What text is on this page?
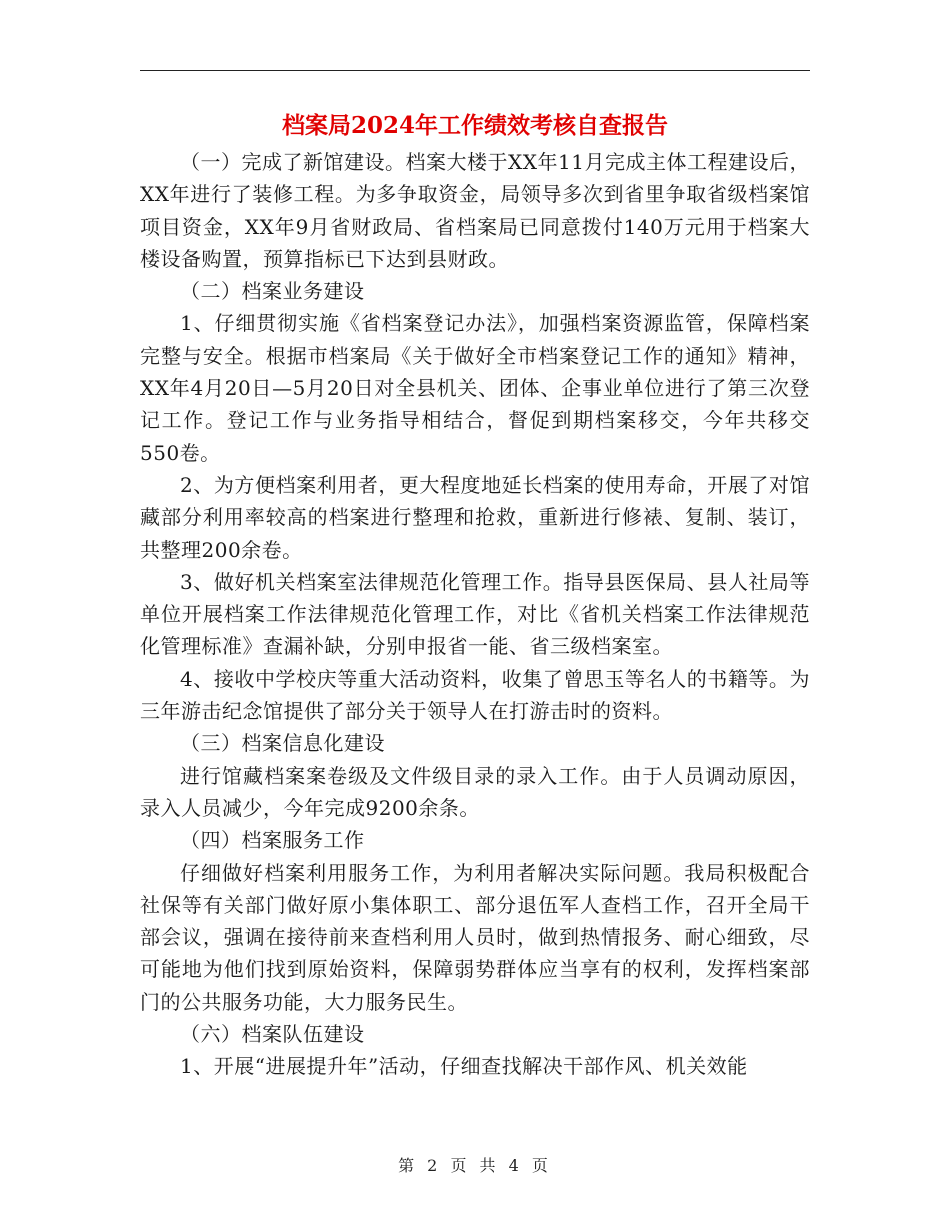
档案局2024年工作绩效考核自查报告

（一）完成了新馆建设。档案大楼于XX年11月完成主体工程建设后，XX年进行了装修工程。为多争取资金，局领导多次到省里争取省级档案馆项目资金，XX年9月省财政局、省档案局已同意拨付140万元用于档案大楼设备购置，预算指标已下达到县财政。

（二）档案业务建设

1、仔细贯彻实施《省档案登记办法》，加强档案资源监管，保障档案完整与安全。根据市档案局《关于做好全市档案登记工作的通知》精神，XX年4月20日—5月20日对全县机关、团体、企事业单位进行了第三次登记工作。登记工作与业务指导相结合，督促到期档案移交，今年共移交550卷。

2、为方便档案利用者，更大程度地延长档案的使用寿命，开展了对馆藏部分利用率较高的档案进行整理和抢救，重新进行修裱、复制、装订，共整理200余卷。

3、做好机关档案室法律规范化管理工作。指导县医保局、县人社局等单位开展档案工作法律规范化管理工作，对比《省机关档案工作法律规范化管理标准》查漏补缺，分别申报省一能、省三级档案室。

4、接收中学校庆等重大活动资料，收集了曾思玉等名人的书籍等。为三年游击纪念馆提供了部分关于领导人在打游击时的资料。

（三）档案信息化建设

进行馆藏档案案卷级及文件级目录的录入工作。由于人员调动原因，录入人员减少，今年完成9200余条。

（四）档案服务工作

仔细做好档案利用服务工作，为利用者解决实际问题。我局积极配合社保等有关部门做好原小集体职工、部分退伍军人查档工作，召开全局干部会议，强调在接待前来查档利用人员时，做到热情报务、耐心细致，尽可能地为他们找到原始资料，保障弱势群体应当享有的权利，发挥档案部门的公共服务功能，大力服务民生。

（六）档案队伍建设

1、开展“进展提升年”活动，仔细查找解决干部作风、机关效能

第 2 页 共 4 页
